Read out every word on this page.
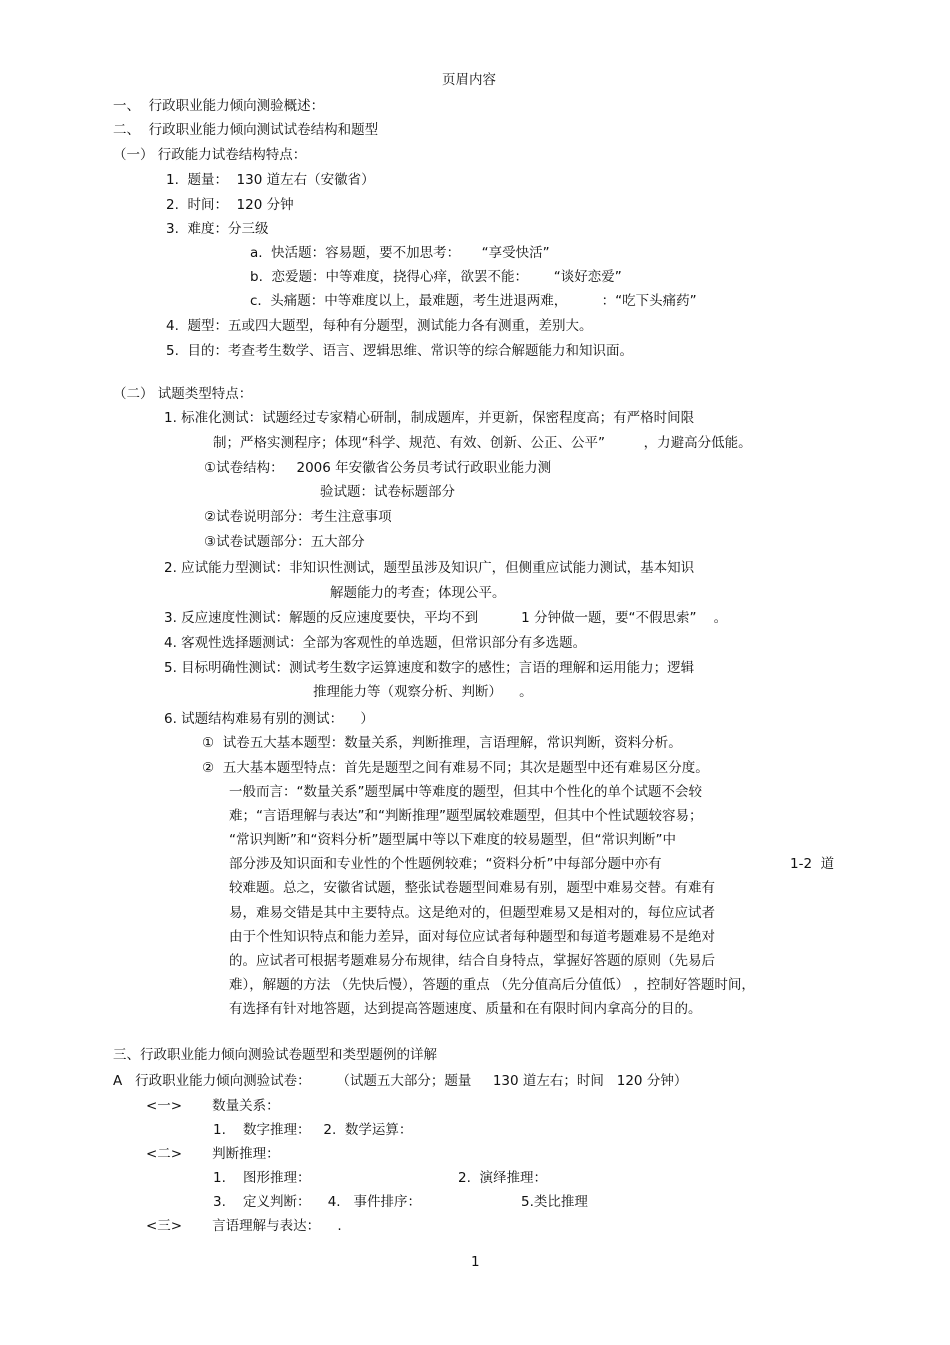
页眉内容
一、  行政职业能力倾向测验概述：
二、  行政职业能力倾向测试试卷结构和题型
（一） 行政能力试卷结构特点：
1.  题量：  130 道左右（安徽省）
2.  时间：  120 分钟
3.  难度：分三级
a.  快活题：容易题，要不加思考：     “享受快活”
b.  恋爱题：中等难度，挠得心痒，欲罢不能：      “谈好恋爱”
c.  头痛题：中等难度以上，最难题，考生进退两难，        ：“吃下头痛药”
4.  题型：五或四大题型，每种有分题型，测试能力各有测重，差别大。
5.  目的：考查考生数学、语言、逻辑思维、常识等的综合解题能力和知识面。
（二） 试题类型特点：
1. 标准化测试：试题经过专家精心研制，制成题库，并更新，保密程度高；有严格时间限
制；严格实测程序；体现“科学、规范、有效、创新、公正、公平”         ，力避高分低能。
①试卷结构：   2006 年安徽省公务员考试行政职业能力测
验试题：试卷标题部分
②试卷说明部分：考生注意事项
③试卷试题部分：五大部分
2. 应试能力型测试：非知识性测试，题型虽涉及知识广，但侧重应试能力测试，基本知识
解题能力的考查；体现公平。
3. 反应速度性测试：解题的反应速度要快，平均不到          1 分钟做一题，要“不假思索”    。
4. 客观性选择题测试：全部为客观性的单选题，但常识部分有多选题。
5. 目标明确性测试：测试考生数字运算速度和数字的感性；言语的理解和运用能力；逻辑
推理能力等（观察分析、判断）    。
6. 试题结构难易有别的测试：    ）
①  试卷五大基本题型：数量关系，判断推理，言语理解，常识判断，资料分析。
②  五大基本题型特点：首先是题型之间有难易不同；其次是题型中还有难易区分度。
一般而言：“数量关系”题型属中等难度的题型，但其中个性化的单个试题不会较
难；“言语理解与表达”和“判断推理”题型属较难题型，但其中个性试题较容易；
“常识判断”和“资料分析”题型属中等以下难度的较易题型，但“常识判断”中
部分涉及知识面和专业性的个性题例较难；“资料分析”中每部分题中亦有
较难题。总之，安徽省试题，整张试卷题型间难易有别，题型中难易交替。有难有
易，难易交错是其中主要特点。这是绝对的，但题型难易又是相对的，每位应试者
由于个性知识特点和能力差异，面对每位应试者每种题型和每道考题难易不是绝对
的。应试者可根据考题难易分布规律，结合自身特点，掌握好答题的原则（先易后
难），解题的方法 （先快后慢），答题的重点 （先分值高后分值低） ，控制好答题时间，
有选择有针对地答题，达到提高答题速度、质量和在有限时间内拿高分的目的。
三、行政职业能力倾向测验试卷题型和类型题例的详解
A   行政职业能力倾向测验试卷：      （试题五大部分；题量     130 道左右；时间   120 分钟）
<一>       数量关系：
1.    数字推理：   2.  数学运算：
<二>       判断推理：
1.    图形推理：	2.  演绎推理：
3.    定义判断：    4.   事件排序：	5.类比推理
<三>       言语理解与表达：    .
1-2  道
1
